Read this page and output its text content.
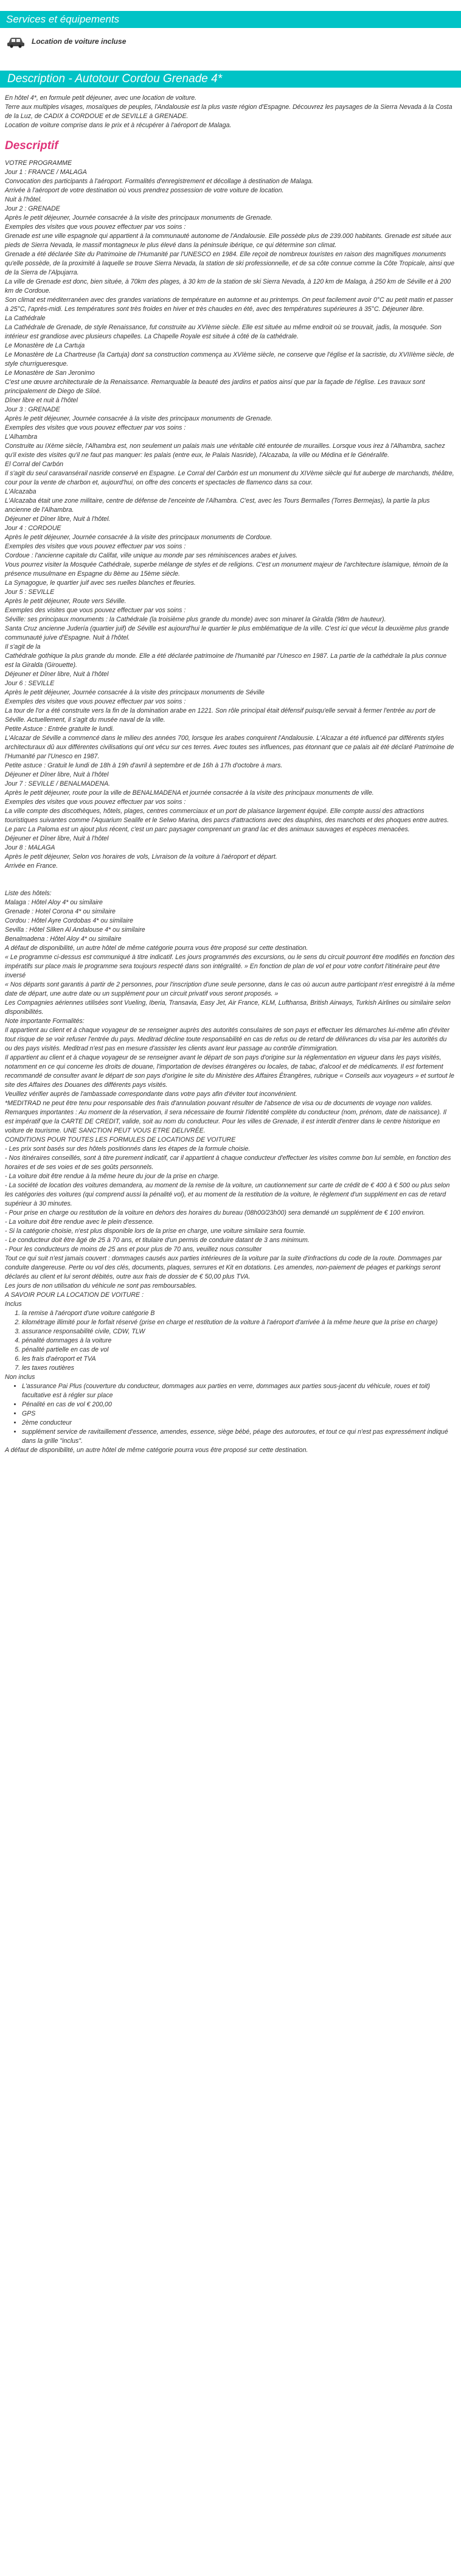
Services et équipements
Location de voiture incluse
Description - Autotour Cordou Grenade 4*

En hôtel 4*, en formule petit déjeuner, avec une location de voiture.

Terre aux multiples visages, mosaïques de peuples, l'Andalousie est la plus vaste région d'Espagne. Découvrez les paysages de la Sierra Nevada à la Costa de la Luz, de CADIX à CORDOUE et de SEVILLE à GRENADE.

Location de voiture comprise dans le prix et à récupérer à l'aéroport de Malaga.

Descriptif

VOTRE PROGRAMME

Jour 1 : FRANCE / MALAGA

Convocation des participants à l'aéroport. Formalités d'enregistrement et décollage à destination de Malaga.

Arrivée à l'aéroport de votre destination où vous prendrez possession de votre voiture de location.

Nuit à l'hôtel.

Jour 2 : GRENADE

Après le petit déjeuner, Journée consacrée à la visite des principaux monuments de Grenade.

Exemples des visites que vous pouvez effectuer par vos soins :

Grenade est une ville espagnole qui appartient à la communauté autonome de l'Andalousie. Elle possède plus de 239.000 habitants. Grenade est située aux pieds de Sierra Nevada, le massif montagneux le plus élevé dans la péninsule ibérique, ce qui détermine son climat.

Grenade a été déclarée Site du Patrimoine de l'Humanité par l'UNESCO en 1984. Elle reçoit de nombreux touristes en raison des magnifiques monuments qu'elle possède, de la proximité à laquelle se trouve Sierra Nevada, la station de ski professionnelle, et de sa côte connue comme la Côte Tropicale, ainsi que de la Sierra de l'Alpujarra.

La ville de Grenade est donc, bien située, à 70km des plages, à 30 km de la station de ski Sierra Nevada, à 120 km de Malaga, à 250 km de Séville et à 200 km de Cordoue.

Son climat est méditerranéen avec des grandes variations de température en automne et au printemps. On peut facilement avoir 0°C au petit matin et passer à 25°C, l'après-midi. Les températures sont très froides en hiver et très chaudes en été, avec des températures supérieures à 35°C. Déjeuner libre.

La Cathédrale

La Cathédrale de Grenade, de style Renaissance, fut construite au XVIème siècle. Elle est située au même endroit où se trouvait, jadis, la mosquée. Son intérieur est grandiose avec plusieurs chapelles. La Chapelle Royale est située à côté de la cathédrale.

Le Monastère de La Cartuja

Le Monastère de La Chartreuse (la Cartuja) dont sa construction commença au XVIème siècle, ne conserve que l'église et la sacristie, du XVIIIème siècle, de style churrigueresque.

Le Monastère de San Jeronimo

C'est une œuvre architecturale de la Renaissance. Remarquable la beauté des jardins et patios ainsi que par la façade de l'église. Les travaux sont principalement de Diego de Siloé.

Dîner libre et nuit à l'hôtel

Jour 3 : GRENADE

Après le petit déjeuner, Journée consacrée à la visite des principaux monuments de Grenade.

Exemples des visites que vous pouvez effectuer par vos soins :

L'Alhambra

Construite au IXème siècle, l'Alhambra est, non seulement un palais mais une véritable cité entourée de murailles. Lorsque vous irez à l'Alhambra, sachez qu'il existe des visites qu'il ne faut pas manquer: les palais (entre eux, le Palais Nasride), l'Alcazaba, la ville ou Médina et le Généralife.

El Corral del Carbón

Il s'agit du seul caravansérail nasride conservé en Espagne. Le Corral del Carbón est un monument du XIVème siècle qui fut auberge de marchands, théâtre, cour pour la vente de charbon et, aujourd'hui, on offre des concerts et spectacles de flamenco dans sa cour.

L'Alcazaba

L'Alcazaba était une zone militaire, centre de défense de l'enceinte de l'Alhambra. C'est, avec les Tours Bermalles (Torres Bermejas), la partie la plus ancienne de l'Alhambra.

Déjeuner et Dîner libre, Nuit à l'hôtel.

Jour 4 : CORDOUE

Après le petit déjeuner, Journée consacrée à la visite des principaux monuments de Cordoue.

Exemples des visites que vous pouvez effectuer par vos soins :

Cordoue : l'ancienne capitale du Califat, ville unique au monde par ses réminiscences arabes et juives.

Vous pourrez visiter la Mosquée Cathédrale, superbe mélange de styles et de religions. C'est un monument majeur de l'architecture islamique, témoin de la présence musulmane en Espagne du 8ème au 15ème siècle.

La Synagogue, le quartier juif avec ses ruelles blanches et fleuries.

Jour 5 : SEVILLE

Après le petit déjeuner, Route vers Séville.

Exemples des visites que vous pouvez effectuer par vos soins :

Séville: ses principaux monuments : la Cathédrale (la troisième plus grande du monde) avec son minaret la Giralda (98m de hauteur).

Santa Cruz ancienne Judería (quartier juif) de Séville est aujourd'hui le quartier le plus emblématique de la ville. C'est ici que vécut la deuxième plus grande communauté juive d'Espagne. Nuit à l'hôtel.

Il s'agit de la

Cathédrale gothique la plus grande du monde. Elle a été déclarée patrimoine de l'humanité par l'Unesco en 1987. La partie de la cathédrale la plus connue est la Giralda (Girouette).

Déjeuner et Dîner libre, Nuit à l'hôtel

Jour 6 : SEVILLE

Après le petit déjeuner, Journée consacrée à la visite des principaux monuments de Séville

Exemples des visites que vous pouvez effectuer par vos soins :

La tour de l'or a été construite vers la fin de la domination arabe en 1221. Son rôle principal était défensif puisqu'elle servait à fermer l'entrée au port de Séville. Actuellement, il s'agit du musée naval de la ville.

Petite Astuce : Entrée gratuite le lundi.

L'Alcazar de Séville a commencé dans le milieu des années 700, lorsque les arabes conquirent l'Andalousie. L'Alcazar a été influencé par différents styles architecturaux dû aux différentes civilisations qui ont vécu sur ces terres. Avec toutes ses influences, pas étonnant que ce palais ait été déclaré Patrimoine de l'Humanité par l'Unesco en 1987.

Petite astuce : Gratuit le lundi de 18h à 19h d'avril à septembre et de 16h à 17h d'octobre à mars.

Déjeuner et Dîner libre, Nuit à l'hôtel

Jour 7 : SEVILLE / BENALMADENA.

Après le petit déjeuner, route pour la ville de BENALMADENA et journée consacrée à la visite des principaux monuments de ville.

Exemples des visites que vous pouvez effectuer par vos soins :

La ville compte des discothèques, hôtels, plages, centres commerciaux et un port de plaisance largement équipé. Elle compte aussi des attractions touristiques suivantes comme l'Aquarium Sealife et le Selwo Marina, des parcs d'attractions avec des dauphins, des manchots et des phoques entre autres.

Le parc La Paloma est un ajout plus récent, c'est un parc paysager comprenant un grand lac et des animaux sauvages et espèces menacées.

Déjeuner et Dîner libre, Nuit à l'hôtel

Jour 8 : MALAGA

Après le petit déjeuner, Selon vos horaires de vols, Livraison de la voiture à l'aéroport et départ.

Arrivée en France.

Liste des hôtels:

Malaga : Hôtel Aloy 4* ou similaire

Grenade : Hotel Corona 4* ou similaire

Cordou : Hôtel Ayre Cordobas 4* ou similaire

Sevilla : Hôtel Silken Al Andalouse 4* ou similaire

Benalmadena : Hôtel Aloy 4* ou similaire

A défaut de disponibilité, un autre hôtel de même catégorie pourra vous être proposé sur cette destination.

« Le programme ci-dessus est communiqué à titre indicatif. Les jours programmés des excursions, ou le sens du circuit pourront être modifiés en fonction des impératifs sur place mais le programme sera toujours respecté dans son intégralité. » En fonction de plan de vol et pour votre confort l'itinéraire peut être inversé

« Nos départs sont garantis à partir de 2 personnes, pour l'inscription d'une seule personne, dans le cas où aucun autre participant n'est enregistré à la même date de départ, une autre date ou un supplément pour un circuit privatif vous seront proposés. »

Les Compagnies aériennes utilisées sont Vueling, Iberia, Transavia, Easy Jet, Air France, KLM, Lufthansa, British Airways, Turkish Airlines ou similaire selon disponibilités.

Note importante Formalités:

Il appartient au client et à chaque voyageur de se renseigner auprès des autorités consulaires de son pays et effectuer les démarches lui-même afin d'éviter tout risque de se voir refuser l'entrée du pays. Meditrad décline toute responsabilité en cas de refus ou de retard de délivrances du visa par les autorités du ou des pays visités. Meditrad n'est pas en mesure d'assister les clients avant leur passage au contrôle d'immigration.

Il appartient au client et à chaque voyageur de se renseigner avant le départ de son pays d'origine sur la réglementation en vigueur dans les pays visités, notamment en ce qui concerne les droits de douane, l'importation de devises étrangères ou locales, de tabac, d'alcool et de médicaments. Il est fortement recommandé de consulter avant le départ de son pays d'origine le site du Ministère des Affaires Étrangères, rubrique « Conseils aux voyageurs » et surtout le site des Affaires des Douanes des différents pays visités.

Veuillez vérifier auprès de l'ambassade correspondante dans votre pays afin d'éviter tout inconvénient.

*MEDITRAD ne peut être tenu pour responsable des frais d'annulation pouvant résulter de l'absence de visa ou de documents de voyage non valides.

Remarques importantes : Au moment de la réservation, il sera nécessaire de fournir l'identité complète du conducteur (nom, prénom, date de naissance). Il est impératif que la CARTE DE CREDIT, valide, soit au nom du conducteur. Pour les villes de Grenade, il est interdit d'entrer dans le centre historique en voiture de tourisme. UNE SANCTION PEUT VOUS ETRE DELIVRÉE.

CONDITIONS POUR TOUTES LES FORMULES DE LOCATIONS DE VOITURE

- Les prix sont basés sur des hôtels positionnés dans les étapes de la formule choisie.

- Nos itinéraires conseillés, sont à titre purement indicatif, car il appartient à chaque conducteur d'effectuer les visites comme bon lui semble, en fonction des horaires et de ses voies et de ses goûts personnels.

- La voiture doit être rendue à la même heure du jour de la prise en charge.

- La société de location des voitures demandera, au moment de la remise de la voiture, un cautionnement sur carte de crédit de € 400 à € 500 ou plus selon les catégories des voitures (qui comprend aussi la pénalité vol), et au moment de la restitution de la voiture, le règlement d'un supplément en cas de retard supérieur à 30 minutes.

- Pour prise en charge ou restitution de la voiture en dehors des horaires du bureau (08h00/23h00) sera demandé un supplément de € 100 environ.

- La voiture doit être rendue avec le plein d'essence.

- Si la catégorie choisie, n'est plus disponible lors de la prise en charge, une voiture similaire sera fournie.

- Le conducteur doit être âgé de 25 à 70 ans, et titulaire d'un permis de conduire datant de 3 ans minimum.

- Pour les conducteurs de moins de 25 ans et pour plus de 70 ans, veuillez nous consulter

Tout ce qui suit n'est jamais couvert : dommages causés aux parties intérieures de la voiture par la suite d'infractions du code de la route. Dommages par conduite dangereuse. Perte ou vol des clés, documents, plaques, serrures et Kit en dotations. Les amendes, non-paiement de péages et parkings seront déclarés au client et lui seront débités, outre aux frais de dossier de € 50,00 plus TVA.

Les jours de non utilisation du véhicule ne sont pas remboursables.

A SAVOIR POUR LA LOCATION DE VOITURE :

Inclus

1. la remise à l'aéroport d'une voiture catégorie B
2. kilométrage illimité pour le forfait réservé (prise en charge et restitution de la voiture à l'aéroport d'arrivée à la même heure que la prise en charge)
3. assurance responsabilité civile, CDW, TLW
4. pénalité dommages à la voiture
5. pénalité partielle en cas de vol
6. les frais d'aéroport et TVA
7. les taxes routières

Non inclus

• L'assurance Pai Plus (couverture du conducteur, dommages aux parties en verre, dommages aux parties sous-jacent du véhicule, roues et toit) facultative est à régler sur place
• Pénalité en cas de vol € 200,00
• GPS
• 2ème conducteur
• supplément service de ravitaillement d'essence, amendes, essence, siège bébé, péage des autoroutes, et tout ce qui n'est pas expressément indiqué dans la grille "inclus".

A défaut de disponibilité, un autre hôtel de même catégorie pourra vous être proposé sur cette destination.
